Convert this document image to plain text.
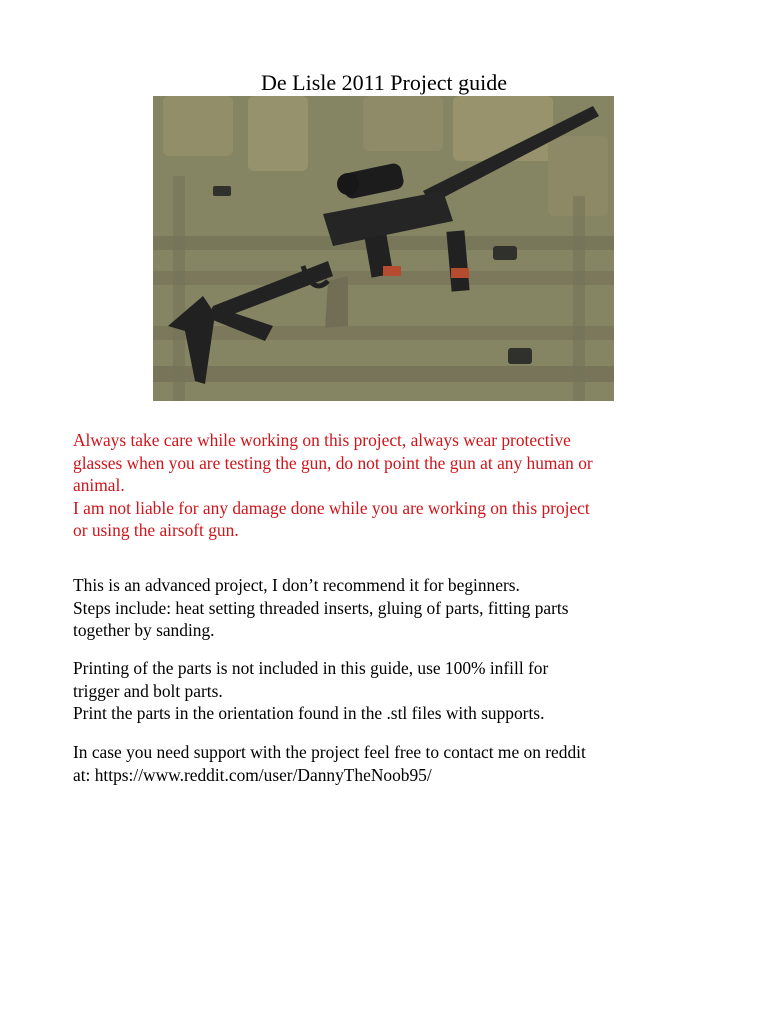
De Lisle 2011 Project guide

Always take care while working on this project, always wear protective

glasses when you are testing the gun, do not point the gun at any human or

animal.

I am not liable for any damage done while you are working on this project

or using the airsoft gun.

This is an advanced project, I don’t recommend it for beginners.

Steps include: heat setting threaded inserts, gluing of parts, fitting parts

together by sanding.

Printing of the parts is not included in this guide, use 100% infill for

trigger and bolt parts.

Print the parts in the orientation found in the .stl files with supports.

In case you need support with the project feel free to contact me on reddit

at: https://www.reddit.com/user/DannyTheNoob95/
